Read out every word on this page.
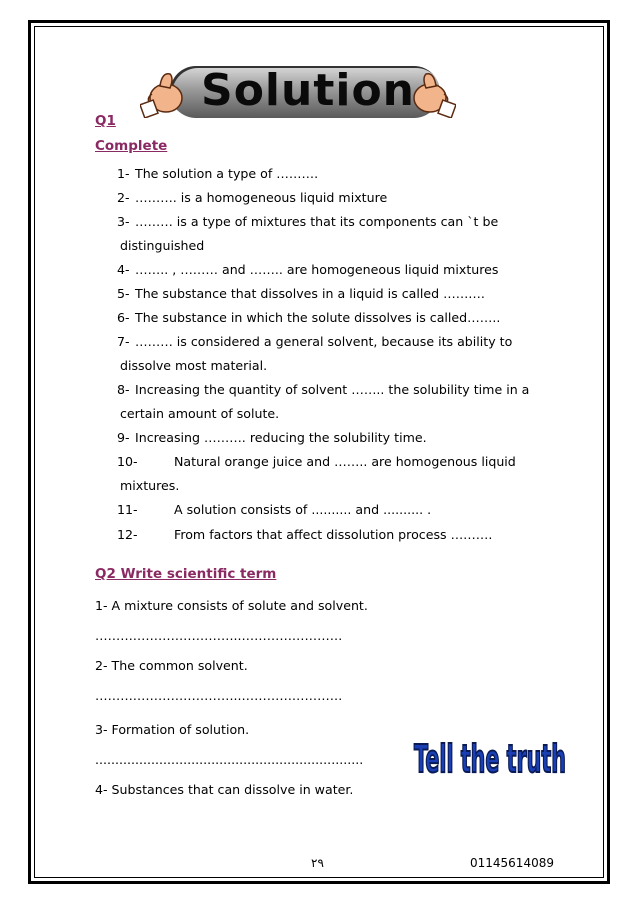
Solution
Q1
Complete
1- The solution a type of ……….
2- ………. is a homogeneous liquid mixture
3- ……… is a type of mixtures that its components can `t be
distinguished
4- …….. , ……… and …….. are homogeneous liquid mixtures
5- The substance that dissolves in a liquid is called ……….
6- The substance in which the solute dissolves is called……..
7- ……… is considered a general solvent, because its ability to
dissolve most material.
8- Increasing the quantity of solvent …….. the solubility time in a
certain amount of solute.
9- Increasing ………. reducing the solubility time.
10-	Natural orange juice and …….. are homogenous liquid
mixtures.
11-	A solution consists of .......... and .......... .
12-	From factors that affect dissolution process ……….
Q2 Write scientific term
1- A mixture consists of solute and solvent.
……………………………..……………………
2- The common solvent.
……………………………..……………………
3- Formation of solution.
...................................................................
4- Substances that can dissolve in water.
Tell the truth
٢٩	01145614089
